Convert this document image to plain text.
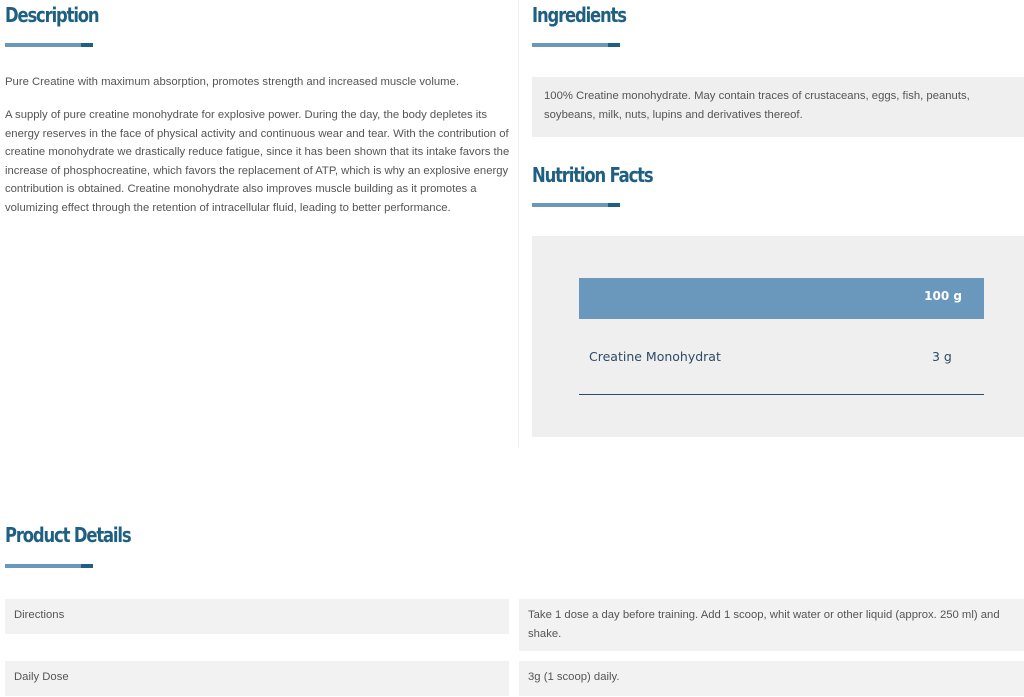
Description

Pure Creatine with maximum absorption, promotes strength and increased muscle volume.

A supply of pure creatine monohydrate for explosive power. During the day, the body depletes its energy reserves in the face of physical activity and continuous wear and tear. With the contribution of creatine monohydrate we drastically reduce fatigue, since it has been shown that its intake favors the increase of phosphocreatine, which favors the replacement of ATP, which is why an explosive energy contribution is obtained. Creatine monohydrate also improves muscle building as it promotes a volumizing effect through the retention of intracellular fluid, leading to better performance.

Ingredients
100% Creatine monohydrate. May contain traces of crustaceans, eggs, fish, peanuts, soybeans, milk, nuts, lupins and derivatives thereof.
Nutrition Facts
100 g
Creatine Monohydrat	3 g
Product Details
Directions	Take 1 dose a day before training. Add 1 scoop, whit water or other liquid (approx. 250 ml) and shake.
Daily Dose	3g (1 scoop) daily.
